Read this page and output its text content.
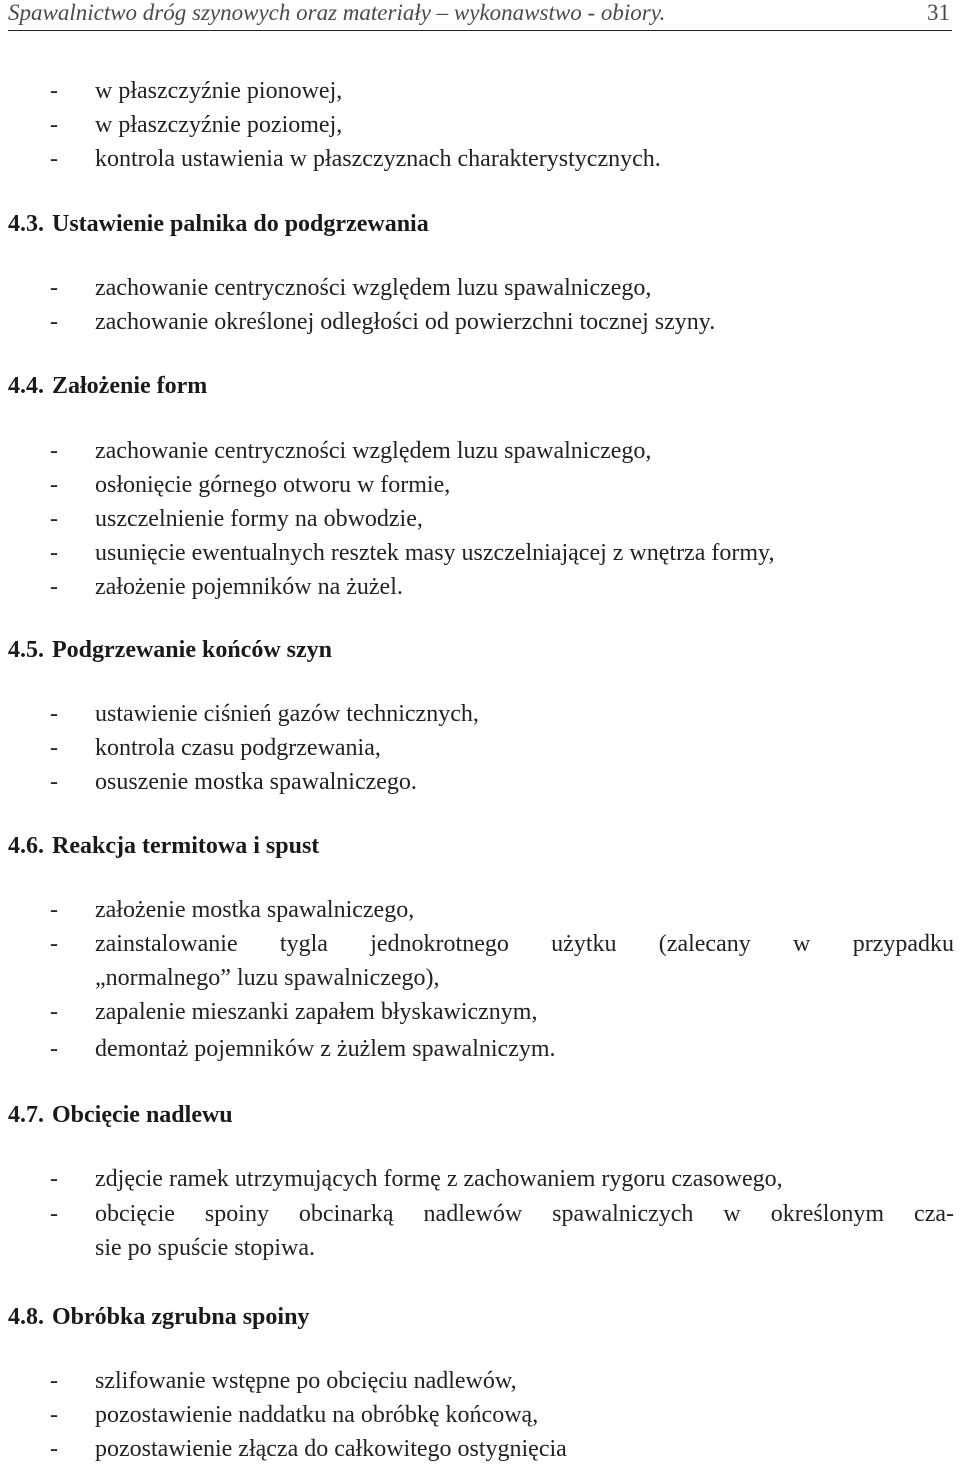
Spawalnictwo dróg szynowych oraz materiały – wykonawstwo - obiory.	31
- w płaszczyźnie pionowej,
- w płaszczyźnie poziomej,
- kontrola ustawienia w płaszczyznach charakterystycznych.
4.3. Ustawienie palnika do podgrzewania
- zachowanie centryczności względem luzu spawalniczego,
- zachowanie określonej odległości od powierzchni tocznej szyny.
4.4. Założenie form
- zachowanie centryczności względem luzu spawalniczego,
- osłonięcie górnego otworu w formie,
- uszczelnienie formy na obwodzie,
- usunięcie ewentualnych resztek masy uszczelniającej z wnętrza formy,
- założenie pojemników na żużel.
4.5. Podgrzewanie końców szyn
- ustawienie ciśnień gazów technicznych,
- kontrola czasu podgrzewania,
- osuszenie mostka spawalniczego.
4.6. Reakcja termitowa i spust
- założenie mostka spawalniczego,
- zainstalowanie tygla jednokrotnego użytku (zalecany w przypadku
„normalnego” luzu spawalniczego),
- zapalenie mieszanki zapałem błyskawicznym,
- demontaż pojemników z żużlem spawalniczym.
4.7. Obcięcie nadlewu
- zdjęcie ramek utrzymujących formę z zachowaniem rygoru czasowego,
- obcięcie spoiny obcinarką nadlewów spawalniczych w określonym cza-
sie po spuście stopiwa.
4.8. Obróbka zgrubna spoiny
- szlifowanie wstępne po obcięciu nadlewów,
- pozostawienie naddatku na obróbkę końcową,
- pozostawienie złącza do całkowitego ostygnięcia
